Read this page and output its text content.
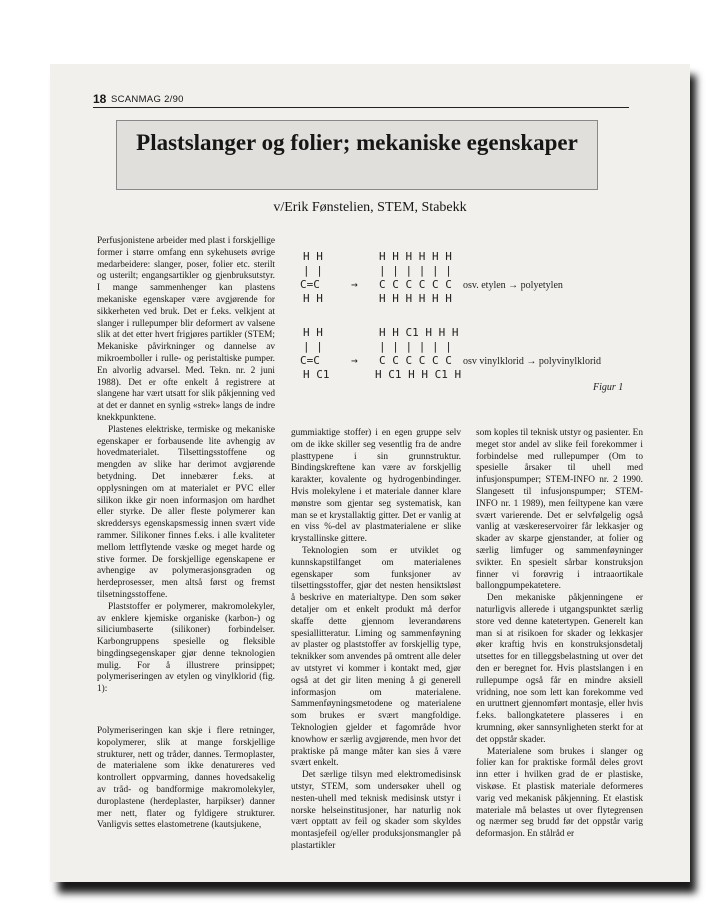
18 SCANMAG 2/90
Plastslanger og folier; mekaniske egenskaper
v/Erik Fønstelien, STEM, Stabekk

Perfusjonistene arbeider med plast i forskjellige former i større omfang enn sykehusets øvrige medarbeidere: slanger, poser, folier etc. sterilt og usterilt; engangsartikler og gjenbruksutstyr. I mange sammenhenger kan plastens mekaniske egenskaper være avgjørende for sikkerheten ved bruk. Det er f.eks. velkjent at slanger i rullepumper blir deformert av valsene slik at det etter hvert frigjøres partikler (STEM; Mekaniske påvirkninger og dannelse av mikroemboller i rulle- og peristaltiske pumper. En alvorlig advarsel. Med. Tekn. nr. 2 juni 1988). Det er ofte enkelt å registrere at slangene har vært utsatt for slik påkjenning ved at det er dannet en synlig «strek» langs de indre knekkpunktene.

Plastenes elektriske, termiske og mekaniske egenskaper er forbausende lite avhengig av hovedmaterialet. Tilsettingsstoffene og mengden av slike har derimot avgjørende betydning. Det innebærer f.eks. at opplysningen om at materialet er PVC eller silikon ikke gir noen informasjon om hardhet eller styrke. De aller fleste polymerer kan skreddersys egenskapsmessig innen svært vide rammer. Silikoner finnes f.eks. i alle kvaliteter mellom lettflytende væske og meget harde og stive former. De forskjellige egenskapene er avhengige av polymerasjonsgraden og herdeprosesser, men altså først og fremst tilsetningsstoffene.

Plaststoffer er polymerer, makromolekyler, av enklere kjemiske organiske (karbon-) og siliciumbaserte (silikoner) forbindelser. Karbongruppens spesielle og fleksible bingdingsegenskaper gjør denne teknologien mulig. For å illustrere prinsippet; polymeriseringen av etylen og vinylklorid (fig. 1):

Polymeriseringen kan skje i flere retninger, kopolymerer, slik at mange forskjellige strukturer, nett og tråder, dannes. Termoplaster, de materialene som ikke denatureres ved kontrollert oppvarming, dannes hovedsakelig av tråd- og bandformige makromolekyler, duroplastene (herdeplaster, harpikser) danner mer nett, flater og fyldigere strukturer. Vanligvis settes elastometrene (kautsjukene,

H H
| |
C=C
H H
→
H H H H H H
| | | | | |
C C C C C C
H H H H H H
osv. etylen → polyetylen
H H
| |
C=C
H C1
→
H H C1 H H H
| | | | | |
C C C C C C
H C1 H H C1 H
osv vinylklorid → polyvinylklorid
Figur 1

gummiaktige stoffer) i en egen gruppe selv om de ikke skiller seg vesentlig fra de andre plasttypene i sin grunnstruktur. Bindingskreftene kan være av forskjellig karakter, kovalente og hydrogenbindinger. Hvis molekylene i et materiale danner klare mønstre som gjentar seg systematisk, kan man se et krystallaktig gitter. Det er vanlig at en viss %-del av plastmaterialene er slike krystallinske gittere.

Teknologien som er utviklet og kunnskapstilfanget om materialenes egenskaper som funksjoner av tilsettingsstoffer, gjør det nesten hensiktsløst å beskrive en materialtype. Den som søker detaljer om et enkelt produkt må derfor skaffe dette gjennom leverandørens spesiallitteratur. Liming og sammenføyning av plaster og plaststoffer av forskjellig type, teknikker som anvendes på omtrent alle deler av utstyret vi kommer i kontakt med, gjør også at det gir liten mening å gi generell informasjon om materialene. Sammenføyningsmetodene og materialene som brukes er svært mangfoldige. Teknologien gjelder et fagområde hvor knowhow er særlig avgjørende, men hvor det praktiske på mange måter kan sies å være svært enkelt.

Det særlige tilsyn med elektromedisinsk utstyr, STEM, som undersøker uhell og nesten-uhell med teknisk medisinsk utstyr i norske helseinstitusjoner, har naturlig nok vært opptatt av feil og skader som skyldes montasjefeil og/eller produksjonsmangler på plastartikler

som koples til teknisk utstyr og pasienter. En meget stor andel av slike feil forekommer i forbindelse med rullepumper (Om to spesielle årsaker til uhell med infusjonspumper; STEM-INFO nr. 2 1990. Slangesett til infusjonspumper; STEM-INFO nr. 1 1989), men feiltypene kan være svært varierende. Det er selvfølgelig også vanlig at væskereservoirer får lekkasjer og skader av skarpe gjenstander, at folier og særlig limfuger og sammenføyninger svikter. En spesielt sårbar konstruksjon finner vi forøvrig i intraaortikale ballongpumpekatetere.

Den mekaniske påkjenningene er naturligvis allerede i utgangspunktet særlig store ved denne katetertypen. Generelt kan man si at risikoen for skader og lekkasjer øker kraftig hvis en konstruksjonsdetalj utsettes for en tilleggsbelastning ut over det den er beregnet for. Hvis plastslangen i en rullepumpe også får en mindre aksiell vridning, noe som lett kan forekomme ved en uruttnert gjennomført montasje, eller hvis f.eks. ballongkatetere plasseres i en krumning, øker sannsynligheten sterkt for at det oppstår skader.

Materialene som brukes i slanger og folier kan for praktiske formål deles grovt inn etter i hvilken grad de er plastiske, viskøse. Et plastisk materiale deformeres varig ved mekanisk påkjenning. Et elastisk materiale må belastes ut over flytegrensen og nærmer seg brudd før det oppstår varig deformasjon. En stålråd er
